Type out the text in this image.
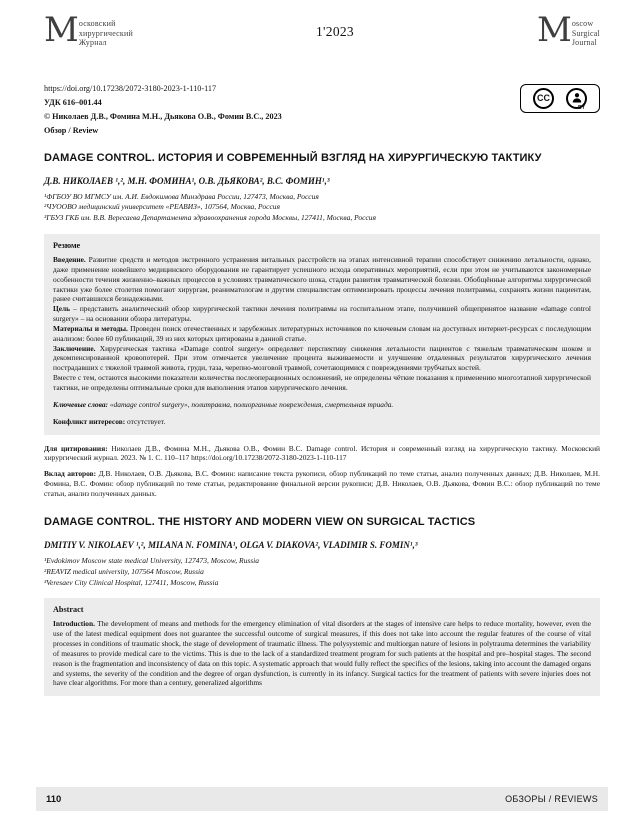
М осковский
хирургический
Журнал
1'2023	M oscow
Surgical
Journal
https://doi.org/10.17238/2072-3180-2023-1-110-117
УДК 616–001.44
© Николаев Д.В., Фомина М.Н., Дьякова О.В., Фомин В.С., 2023
Обзор / Review
CC
BY
DAMAGE CONTROL. ИСТОРИЯ И СОВРЕМЕННЫЙ ВЗГЛЯД НА ХИРУРГИЧЕСКУЮ ТАКТИКУ
Д.В. НИКОЛАЕВ ¹,², М.Н. ФОМИНА¹, О.В. ДЬЯКОВА², В.С. ФОМИН¹,³
¹ФГБОУ ВО МГМСУ им. А.И. Евдокимова Минздрава России, 127473, Москва, Россия
²ЧУООВО медицинский университет «РЕАВИЗ», 107564, Москва, Россия
³ГБУЗ ГКБ им. В.В. Вересаева Департамента здравоохранения города Москвы, 127411, Москва, Россия
Резюме

Введение. Развитие средств и методов экстренного устранения витальных расстройств на этапах интенсивной терапии способствует снижению летальности, однако, даже применение новейшего медицинского оборудования не гарантирует успешного исхода оперативных мероприятий, если при этом не учитываются закономерные особенности течения жизненно–важных процессов в условиях травматического шока, стадии развития травматической болезни. Обобщённые алгоритмы хирургической тактики уже более столетия помогают хирургам, реаниматологам и другим специалистам оптимизировать процессы лечения политравмы, сохранять жизни пациентам, ранее считавшихся безнадежными.

Цель – представить аналитический обзор хирургической тактики лечения политравмы на госпитальном этапе, получившей общепринятое название «damage control surgery» – на основании обзора литературы.

Материалы и методы. Проведен поиск отечественных и зарубежных литературных источников по ключевым словам на доступных интернет-ресурсах с последующим анализом: более 60 публикаций, 39 из них которых цитированы в данной статье.

Заключение. Хирургическая тактика «Damage control surgery» определяет перспективу снижения летальности пациентов с тяжелым травматическим шоком и декомпенсированной кровопотерей. При этом отмечается увеличение процента выживаемости и улучшение отдаленных результатов хирургического лечения пострадавших с тяжелой травмой живота, груди, таза, черепно-мозговой травмой, сочетающимися с повреждениями трубчатых костей.

Вместе с тем, остаются высокими показатели количества послеоперационных осложнений, не определены чёткие показания к применению многоэтапной хирургической тактики, не определены оптимальные сроки для выполнения этапов хирургического лечения.

Ключевые слова: «damage control surgery», политравма, полиорганные повреждения, смертельная триада.

Конфликт интересов: отсутствует.

Для цитирования: Николаев Д.В., Фомина М.Н., Дьякова О.В., Фомин В.С. Damage control. История и современный взгляд на хирургическую тактику. Московский хирургический журнал. 2023. № 1. С. 110–117 https://doi.org/10.17238/2072-3180-2023-1-110-117

Вклад авторов: Д.В. Николаев, О.В. Дьякова, В.С. Фомин: написание текста рукописи, обзор публикаций по теме статьи, анализ полученных данных; Д.В. Николаев, М.Н. Фомина, В.С. Фомин: обзор публикаций по теме статьи, редактирование финальной версии рукописи; Д.В. Николаев, О.В. Дьякова, Фомин В.С.: обзор публикаций по теме статьи, анализ полученных данных.

DAMAGE CONTROL. THE HISTORY AND MODERN VIEW ON SURGICAL TACTICS
DMITIY V. NIKOLAEV ¹,², MILANA N. FOMINA¹, OLGA V. DIAKOVA², VLADIMIR S. FOMIN¹,³
¹Evdokimov Moscow state medical University, 127473, Moscow, Russia
²REAVIZ medical university, 107564 Moscow, Russia
³Veresaev City Clinical Hospital, 127411, Moscow, Russia
Abstract

Introduction. The development of means and methods for the emergency elimination of vital disorders at the stages of intensive care helps to reduce mortality, however, even the use of the latest medical equipment does not guarantee the successful outcome of surgical measures, if this does not take into account the regular features of the course of vital processes in conditions of traumatic shock, the stage of development of traumatic illness. The polysystemic and multiorgan nature of lesions in polytrauma determines the variability of measures to provide medical care to the victims. This is due to the lack of a standardized treatment program for such patients at the hospital and pre–hospital stages. The second reason is the fragmentation and inconsistency of data on this topic. A systematic approach that would fully reflect the specifics of the lesions, taking into account the damaged organs and systems, the severity of the condition and the degree of organ dysfunction, is currently in its infancy. Surgical tactics for the treatment of patients with severe injuries does not have clear algorithms. For more than a century, generalized algorithms

110	ОБЗОРЫ / REVIEWS
